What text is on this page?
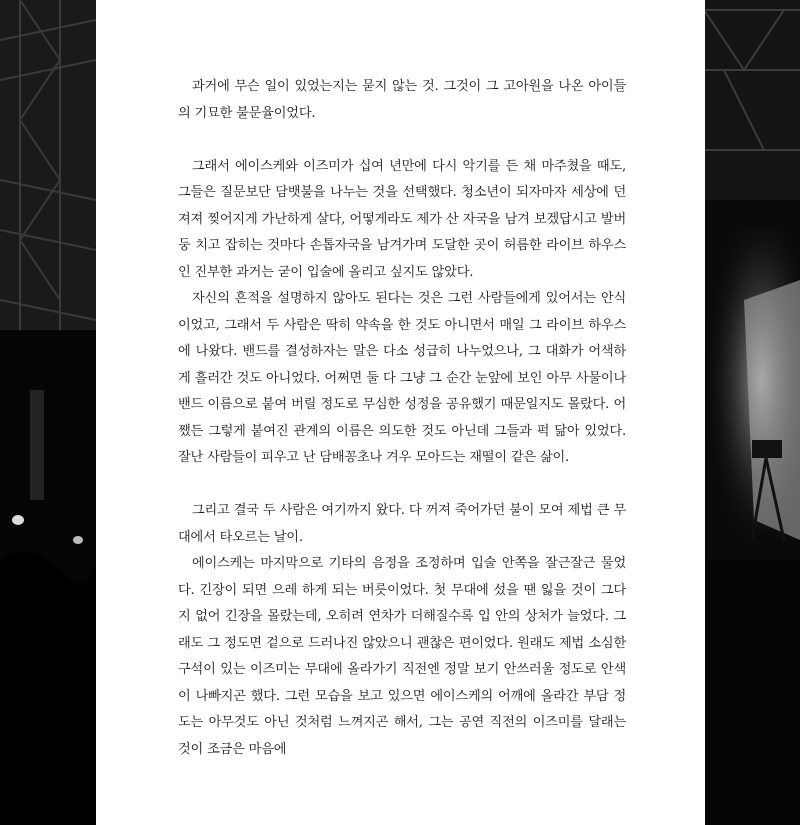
과거에 무슨 일이 있었는지는 묻지 않는 것. 그것이 그 고아원을 나온 아이들의 기묘한 불문율이었다.

그래서 에이스케와 이즈미가 십여 년만에 다시 악기를 든 채 마주쳤을 때도, 그들은 질문보단 담뱃불을 나누는 것을 선택했다. 청소년이 되자마자 세상에 던져져 찢어지게 가난하게 살다, 어떻게라도 제가 산 자국을 남겨 보겠답시고 발버둥 치고 잡히는 것마다 손톱자국을 남겨가며 도달한 곳이 허름한 라이브 하우스인 진부한 과거는 굳이 입술에 올리고 싶지도 않았다.

자신의 흔적을 설명하지 않아도 된다는 것은 그런 사람들에게 있어서는 안식이었고, 그래서 두 사람은 딱히 약속을 한 것도 아니면서 매일 그 라이브 하우스에 나왔다. 밴드를 결성하자는 말은 다소 성급히 나누었으나, 그 대화가 어색하게 흘러간 것도 아니었다. 어쩌면 둘 다 그냥 그 순간 눈앞에 보인 아무 사물이나 밴드 이름으로 붙여 버릴 정도로 무심한 성정을 공유했기 때문일지도 몰랐다. 어쨌든 그렇게 붙여진 관계의 이름은 의도한 것도 아닌데 그들과 퍽 닮아 있었다. 잘난 사람들이 피우고 난 담배꽁초나 겨우 모아드는 재떨이 같은 삶이.

그리고 결국 두 사람은 여기까지 왔다. 다 꺼져 죽어가던 불이 모여 제법 큰 무대에서 타오르는 날이.

에이스케는 마지막으로 기타의 음정을 조정하며 입술 안쪽을 잘근잘근 물었다. 긴장이 되면 으레 하게 되는 버릇이었다. 첫 무대에 섰을 땐 잃을 것이 그다지 없어 긴장을 몰랐는데, 오히려 연차가 더해질수록 입 안의 상처가 늘었다. 그래도 그 정도면 겉으로 드러나진 않았으니 괜찮은 편이었다. 원래도 제법 소심한 구석이 있는 이즈미는 무대에 올라가기 직전엔 정말 보기 안쓰러울 정도로 안색이 나빠지곤 했다. 그런 모습을 보고 있으면 에이스케의 어깨에 올라간 부담 정도는 아무것도 아닌 것처럼 느껴지곤 해서, 그는 공연 직전의 이즈미를 달래는 것이 조금은 마음에
